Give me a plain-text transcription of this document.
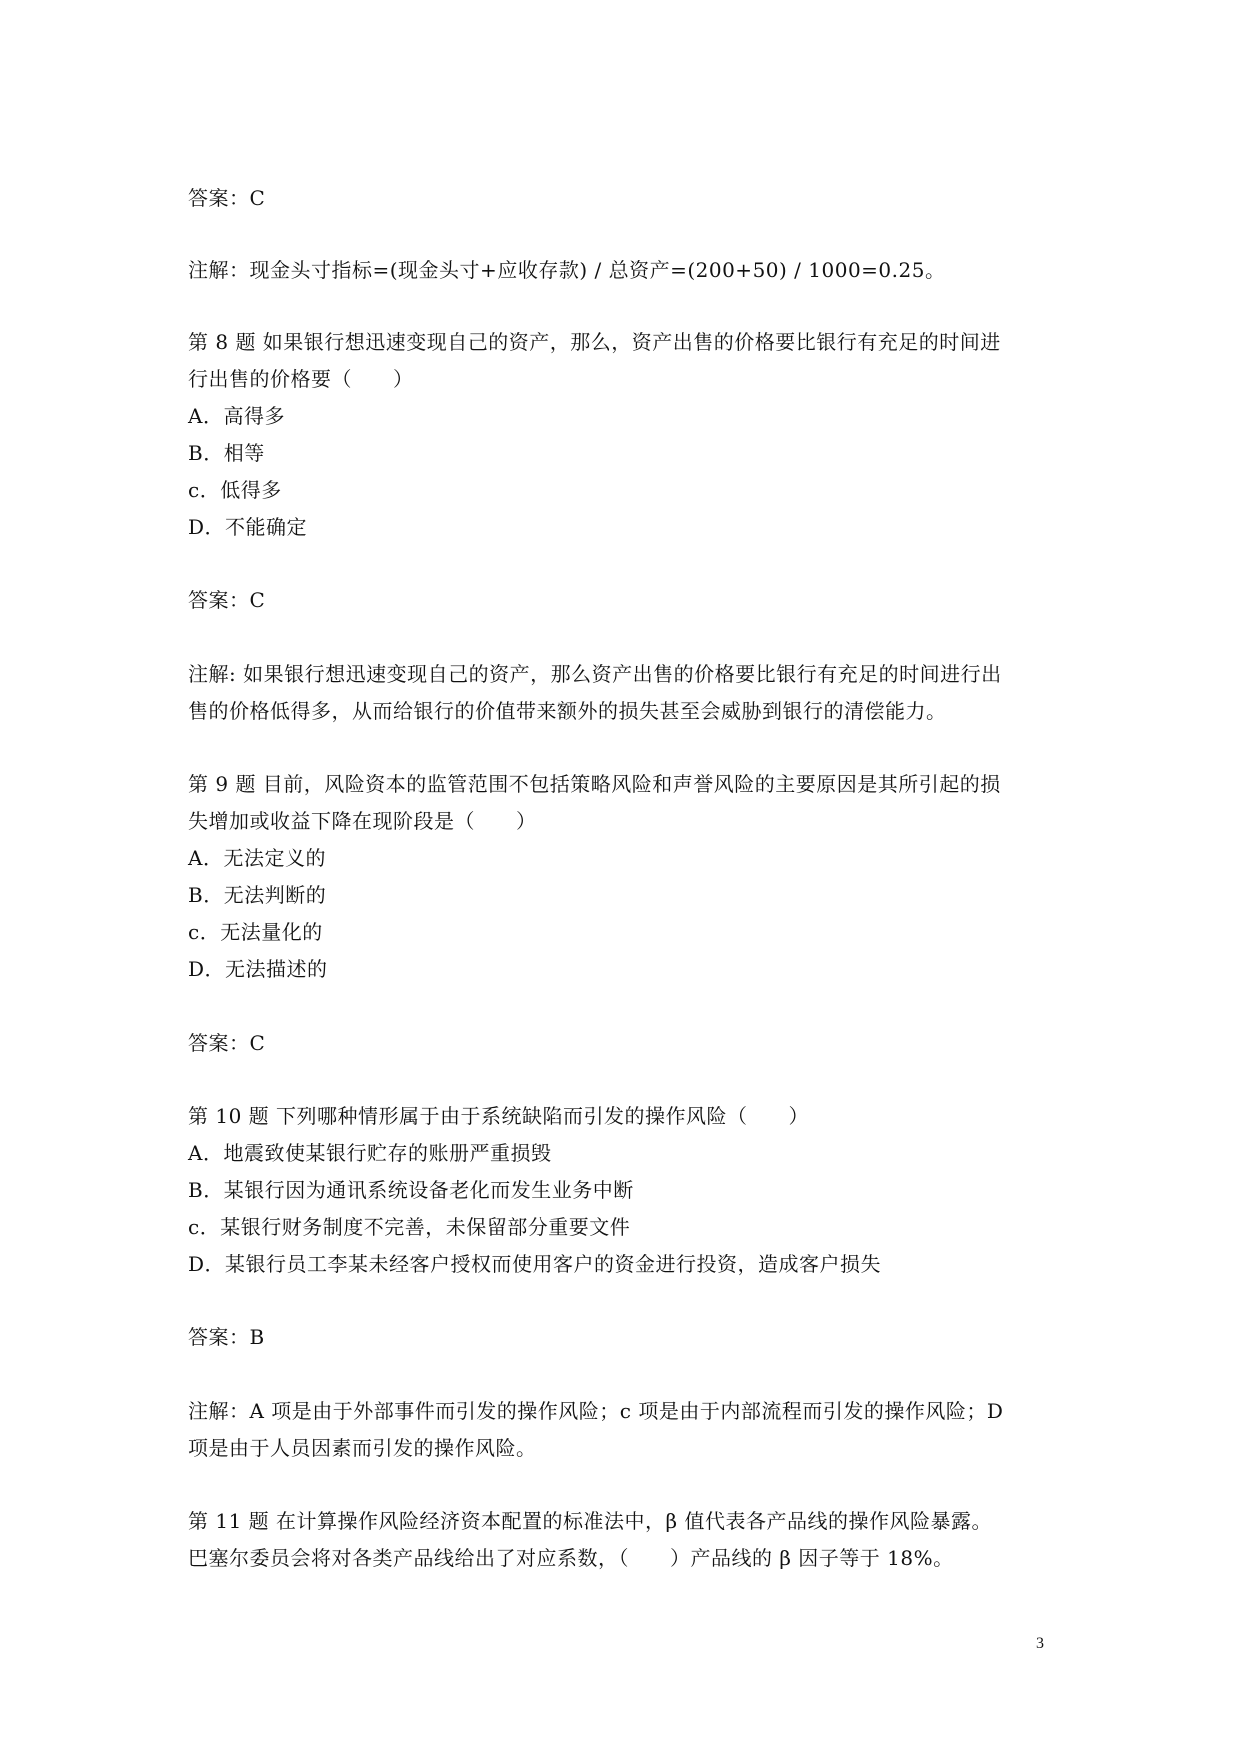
答案：C
注解：现金头寸指标=(现金头寸+应收存款) / 总资产=(200+50) / 1000=0.25。
第 8 题 如果银行想迅速变现自己的资产，那么，资产出售的价格要比银行有充足的时间进
行出售的价格要（　　）
A．高得多
B．相等
c．低得多
D．不能确定
答案：C
注解: 如果银行想迅速变现自己的资产，那么资产出售的价格要比银行有充足的时间进行出
售的价格低得多，从而给银行的价值带来额外的损失甚至会威胁到银行的清偿能力。
第 9 题 目前，风险资本的监管范围不包括策略风险和声誉风险的主要原因是其所引起的损
失增加或收益下降在现阶段是（　　）
A．无法定义的
B．无法判断的
c．无法量化的
D．无法描述的
答案：C
第 10 题 下列哪种情形属于由于系统缺陷而引发的操作风险（　　）
A．地震致使某银行贮存的账册严重损毁
B．某银行因为通讯系统设备老化而发生业务中断
c．某银行财务制度不完善，未保留部分重要文件
D．某银行员工李某未经客户授权而使用客户的资金进行投资，造成客户损失
答案：B
注解：A 项是由于外部事件而引发的操作风险；c 项是由于内部流程而引发的操作风险；D
项是由于人员因素而引发的操作风险。
第 11 题 在计算操作风险经济资本配置的标准法中，β 值代表各产品线的操作风险暴露。
巴塞尔委员会将对各类产品线给出了对应系数，（　　）产品线的 β 因子等于 18%。
3
